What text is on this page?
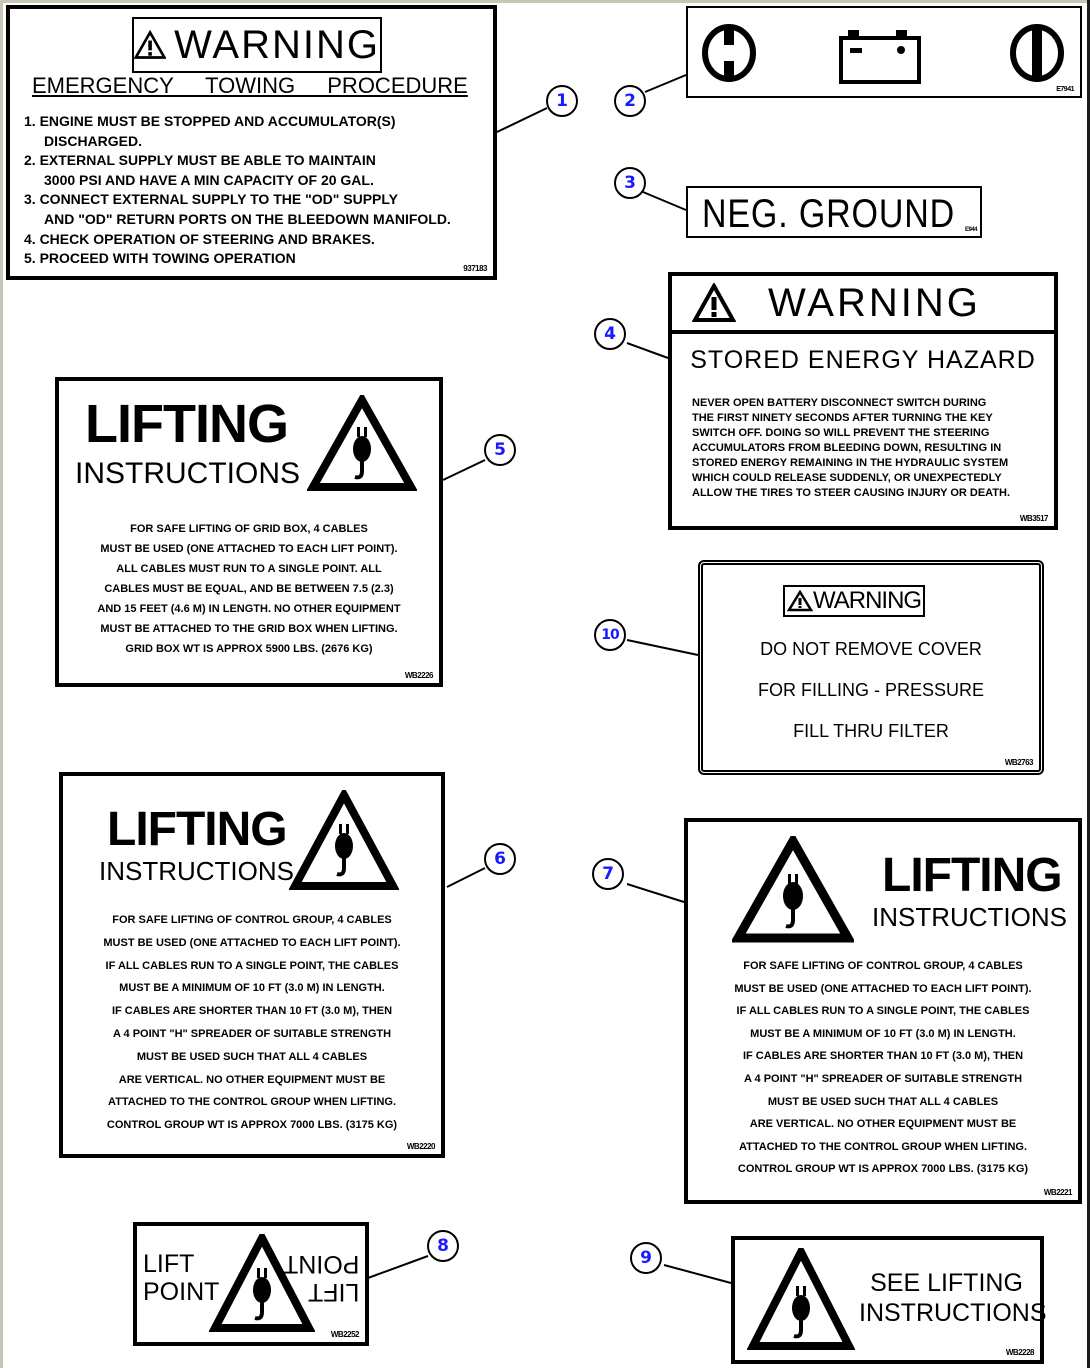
1	2
3
4
5
10
6
7
8
9
WARNING
EMERGENCY TOWING PROCEDURE
1. ENGINE MUST BE STOPPED AND ACCUMULATOR(S)
DISCHARGED.
2. EXTERNAL SUPPLY MUST BE ABLE TO MAINTAIN
3000 PSI AND HAVE A MIN CAPACITY OF 20 GAL.
3. CONNECT EXTERNAL SUPPLY TO THE "OD" SUPPLY
AND "OD" RETURN PORTS ON THE BLEEDOWN MANIFOLD.
4. CHECK OPERATION OF STEERING AND BRAKES.
5. PROCEED WITH TOWING OPERATION
937183
E7941
NEG. GROUND E944
WARNING
STORED ENERGY HAZARD
NEVER OPEN BATTERY DISCONNECT SWITCH DURING
THE FIRST NINETY SECONDS AFTER TURNING THE KEY
SWITCH OFF. DOING SO WILL PREVENT THE STEERING
ACCUMULATORS FROM BLEEDING DOWN, RESULTING IN
STORED ENERGY REMAINING IN THE HYDRAULIC SYSTEM
WHICH COULD RELEASE SUDDENLY, OR UNEXPECTEDLY
ALLOW THE TIRES TO STEER CAUSING INJURY OR DEATH.
WB3517
LIFTING
INSTRUCTIONS
FOR SAFE LIFTING OF GRID BOX, 4 CABLES
MUST BE USED (ONE ATTACHED TO EACH LIFT POINT).
ALL CABLES MUST RUN TO A SINGLE POINT. ALL
CABLES MUST BE EQUAL, AND BE BETWEEN 7.5 (2.3)
AND 15 FEET (4.6 M) IN LENGTH. NO OTHER EQUIPMENT
MUST BE ATTACHED TO THE GRID BOX WHEN LIFTING.
GRID BOX WT IS APPROX 5900 LBS. (2676 KG)
WB2226
WARNING
DO NOT REMOVE COVER
FOR FILLING - PRESSURE
FILL THRU FILTER
WB2763
LIFTING
INSTRUCTIONS
FOR SAFE LIFTING OF CONTROL GROUP, 4 CABLES
MUST BE USED (ONE ATTACHED TO EACH LIFT POINT).
IF ALL CABLES RUN TO A SINGLE POINT, THE CABLES
MUST BE A MINIMUM OF 10 FT (3.0 M) IN LENGTH.
IF CABLES ARE SHORTER THAN 10 FT (3.0 M), THEN
A 4 POINT "H" SPREADER OF SUITABLE STRENGTH
MUST BE USED SUCH THAT ALL 4 CABLES
ARE VERTICAL. NO OTHER EQUIPMENT MUST BE
ATTACHED TO THE CONTROL GROUP WHEN LIFTING.
CONTROL GROUP WT IS APPROX 7000 LBS. (3175 KG)
WB2220
LIFTING
INSTRUCTIONS
FOR SAFE LIFTING OF CONTROL GROUP, 4 CABLES
MUST BE USED (ONE ATTACHED TO EACH LIFT POINT).
IF ALL CABLES RUN TO A SINGLE POINT, THE CABLES
MUST BE A MINIMUM OF 10 FT (3.0 M) IN LENGTH.
IF CABLES ARE SHORTER THAN 10 FT (3.0 M), THEN
A 4 POINT "H" SPREADER OF SUITABLE STRENGTH
MUST BE USED SUCH THAT ALL 4 CABLES
ARE VERTICAL. NO OTHER EQUIPMENT MUST BE
ATTACHED TO THE CONTROL GROUP WHEN LIFTING.
CONTROL GROUP WT IS APPROX 7000 LBS. (3175 KG)
WB2221
LIFT
POINT	LIFT
POINT
WB2252
SEE LIFTING
INSTRUCTIONS
WB2228
